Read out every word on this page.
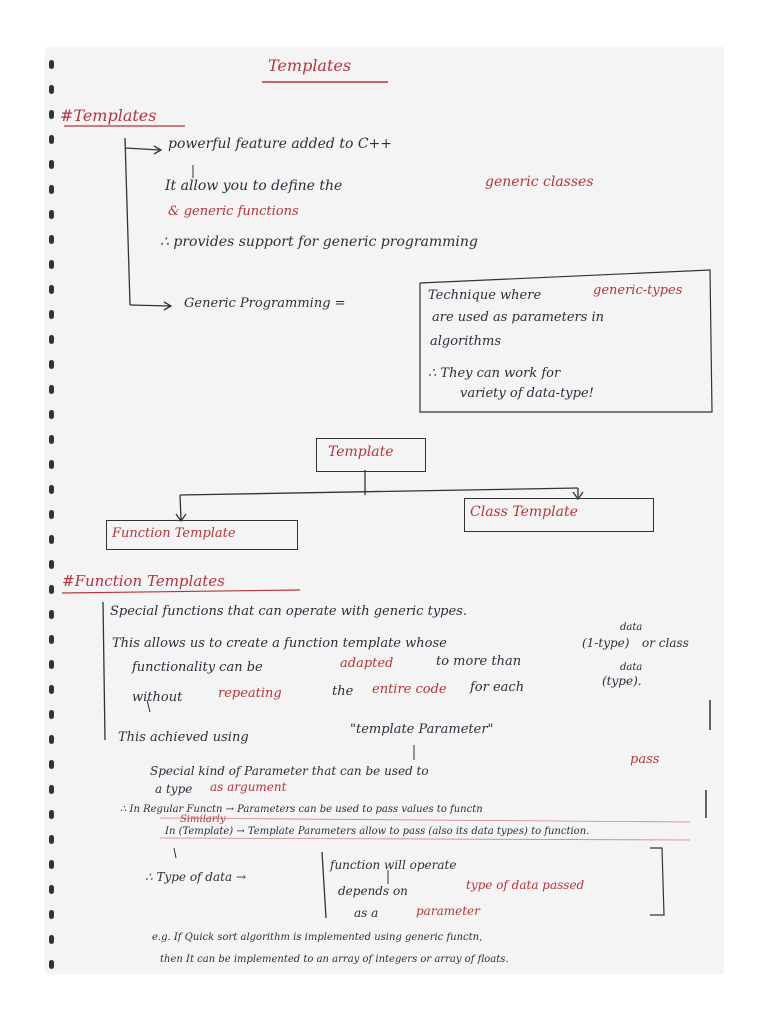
Templates
#Templates
powerful feature added to C++
It allow you to define the	generic classes
& generic functions
∴ provides support for generic programming
Generic Programming =
Technique where	generic-types
are used as parameters in
algorithms
∴ They can work for
variety of data-type!
Template
Function Template
Class Template
#Function Templates
Special functions that can operate with generic types.
This allows us to create a function template whose
data
(1-type) or class
functionality can be	adapted	to more than
without	repeating	the entire code for each
data
(type).
This achieved using
"template Parameter"
Special kind of Parameter that can be used to
pass
a type as argument
∴ In Regular Functn → Parameters can be used to pass values to functn
Similarly
In (Template) → Template Parameters allow to pass (also its data types) to function.
∴ Type of data →
function will operate
depends on	type of data passed
as a	parameter
e.g. If Quick sort algorithm is implemented using generic functn,
then It can be implemented to an array of integers or array of floats.
